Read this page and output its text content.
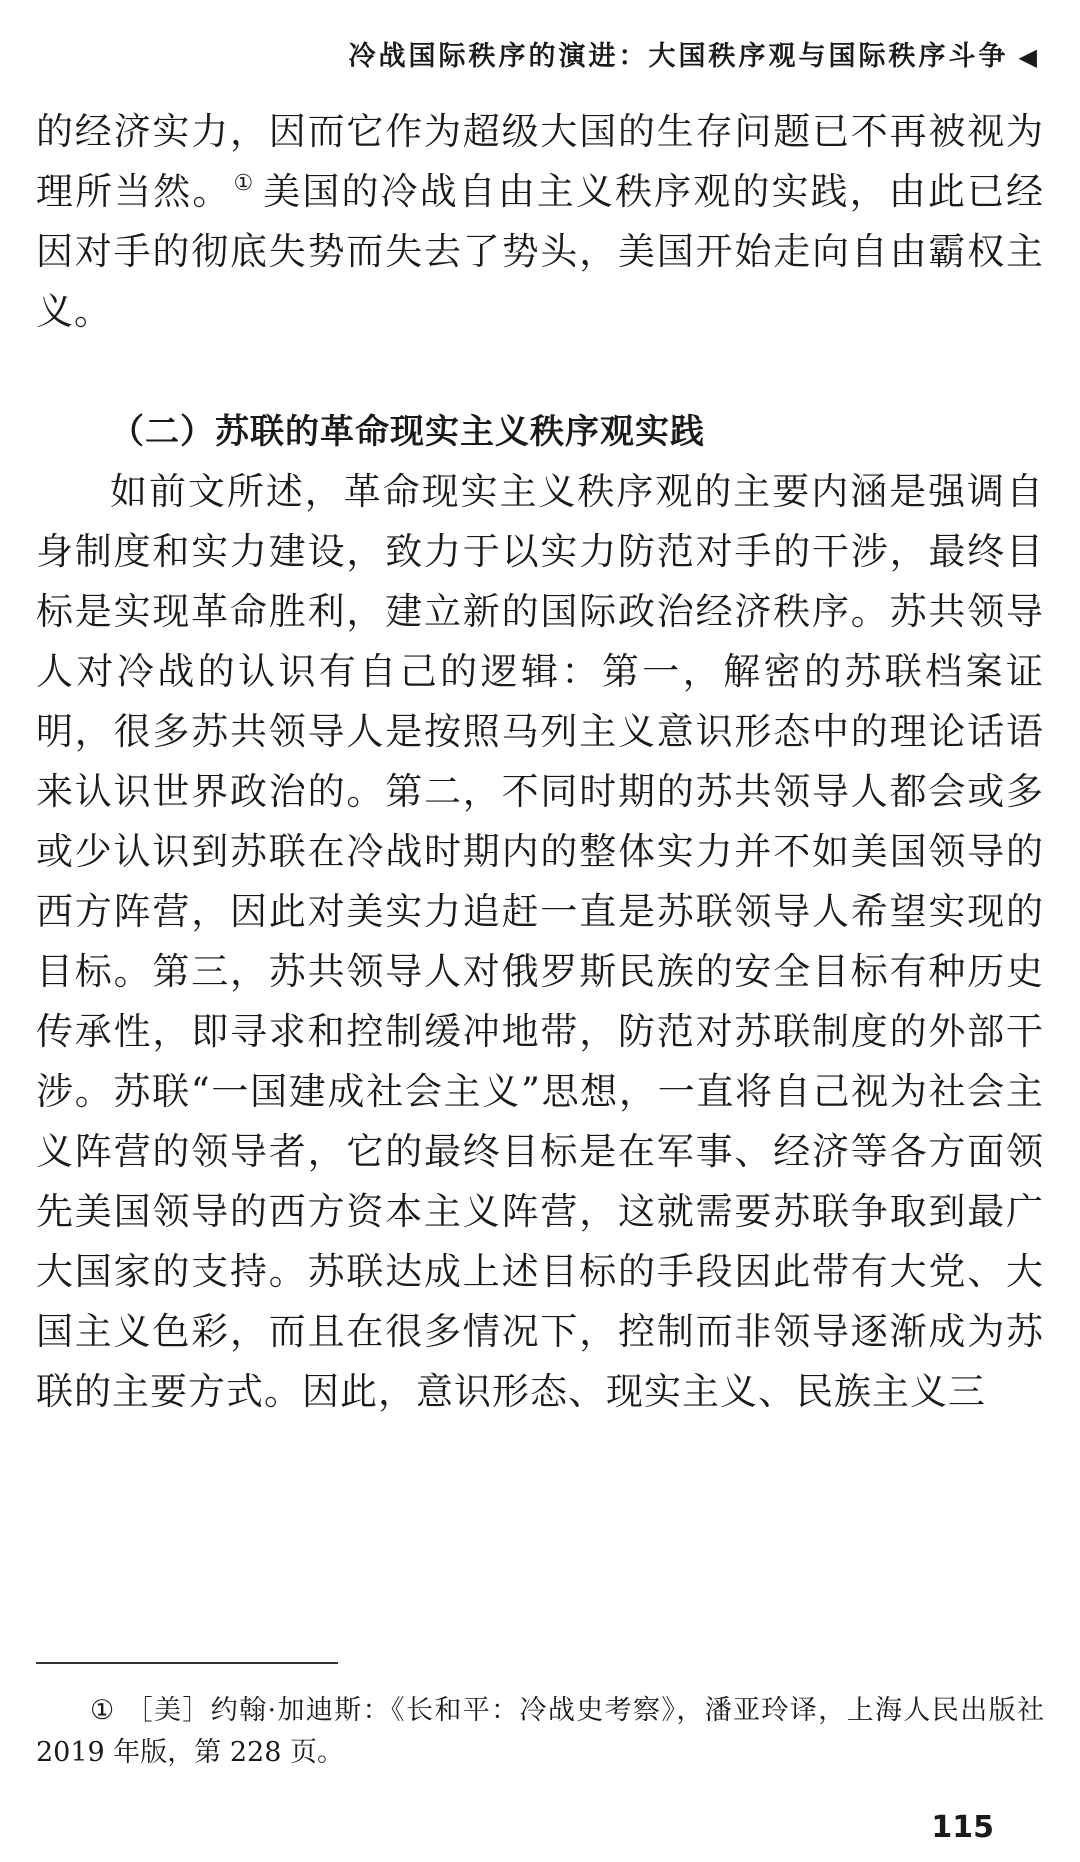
冷战国际秩序的演进：大国秩序观与国际秩序斗争 ◀

的经济实力，因而它作为超级大国的生存问题已不再被视为理所当然。① 美国的冷战自由主义秩序观的实践，由此已经因对手的彻底失势而失去了势头，美国开始走向自由霸权主义。

（二）苏联的革命现实主义秩序观实践

如前文所述，革命现实主义秩序观的主要内涵是强调自身制度和实力建设，致力于以实力防范对手的干涉，最终目标是实现革命胜利，建立新的国际政治经济秩序。苏共领导人对冷战的认识有自己的逻辑：第一，解密的苏联档案证明，很多苏共领导人是按照马列主义意识形态中的理论话语来认识世界政治的。第二，不同时期的苏共领导人都会或多或少认识到苏联在冷战时期内的整体实力并不如美国领导的西方阵营，因此对美实力追赶一直是苏联领导人希望实现的目标。第三，苏共领导人对俄罗斯民族的安全目标有种历史传承性，即寻求和控制缓冲地带，防范对苏联制度的外部干涉。苏联“一国建成社会主义”思想，一直将自己视为社会主义阵营的领导者，它的最终目标是在军事、经济等各方面领先美国领导的西方资本主义阵营，这就需要苏联争取到最广大国家的支持。苏联达成上述目标的手段因此带有大党、大国主义色彩，而且在很多情况下，控制而非领导逐渐成为苏联的主要方式。因此，意识形态、现实主义、民族主义三

① ［美］约翰·加迪斯：《长和平：冷战史考察》，潘亚玲译，上海人民出版社 2019 年版，第 228 页。
115
